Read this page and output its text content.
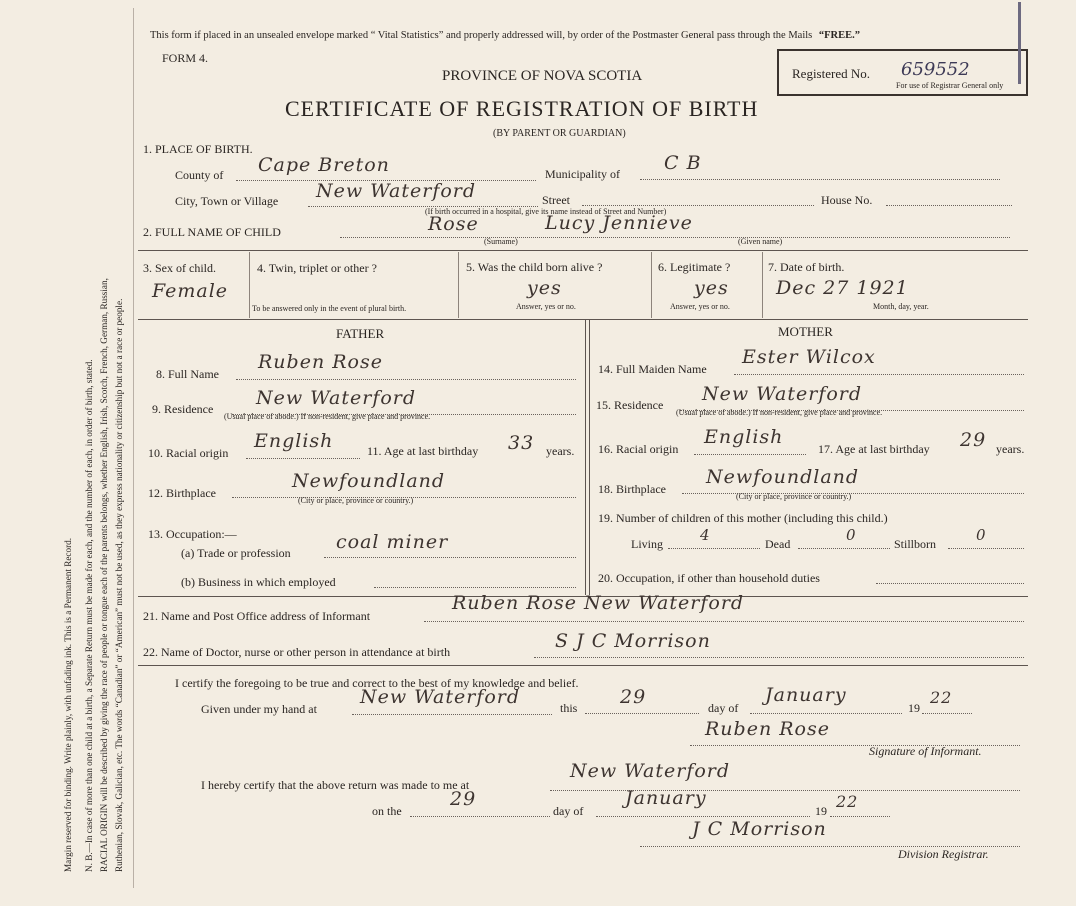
Margin reserved for binding. Write plainly, with unfading ink. This is a Permanent Record. N. B.—In case of more than one child at a birth, a Separate Return must be made for each, and the number of each, in order of birth, stated. RACIAL ORIGIN will be described by giving the race of people or tongue each of the parents belongs, whether English, Irish, Scotch, French, German, Russian, Ruthenian, Slovak, Galician, etc. The words “Canadian” or “American” must not be used, as they express nationality or citizenship but not a race or people.
This form if placed in an unsealed envelope marked “ Vital Statistics” and properly addressed will, by order of the Postmaster General pass through the Mails “FREE.”
FORM 4.
PROVINCE OF NOVA SCOTIA
CERTIFICATE OF REGISTRATION OF BIRTH
(BY PARENT OR GUARDIAN)
Registered No. 659552
For use of Registrar General only
1. PLACE OF BIRTH.
County of Cape Breton	Municipality of C B
City, Town or Village New Waterford	Street	House No.
(If birth occurred in a hospital, give its name instead of Street and Number)
2. FULL NAME OF CHILD	Rose	Lucy Jennieve
(Surname)	(Given name)
3. Sex of child.
Female
4. Twin, triplet or other ?
To be answered only in the event of plural birth.
5. Was the child born alive ?
yes
Answer, yes or no.
6. Legitimate ?
yes
Answer, yes or no.
7. Date of birth.
Dec 27 1921
Month, day, year.
FATHER
8. Full Name
Ruben Rose
9. Residence New Waterford
(Usual place of abode.) If non-resident, give place and province.
10. Racial origin
English	11. Age at last birthday 33 years.
12. Birthplace
Newfoundland
(City or place, province or country.)
13. Occupation:—
(a) Trade or profession coal miner
(b) Business in which employed
MOTHER
14. Full Maiden Name
Ester Wilcox
15. Residence New Waterford
(Usual place of abode.) If non-resident, give place and province.
16. Racial origin
English
17. Age at last birthday 29 years.
18. Birthplace
Newfoundland
(City or place, province or country.)
19. Number of children of this mother (including this child.)
Living 4	Dead	0	Stillborn	0
20. Occupation, if other than household duties
21. Name and Post Office address of Informant
Ruben Rose New Waterford
22. Name of Doctor, nurse or other person in attendance at birth	S J C Morrison
I certify the foregoing to be true and correct to the best of my knowledge and belief.
Given under my hand at
New Waterford	this 29	day of
January
19
22
Ruben Rose
Signature of Informant.
I hereby certify that the above return was made to me at
New Waterford
on the
29
day of
January
19 22
J C Morrison
Division Registrar.
